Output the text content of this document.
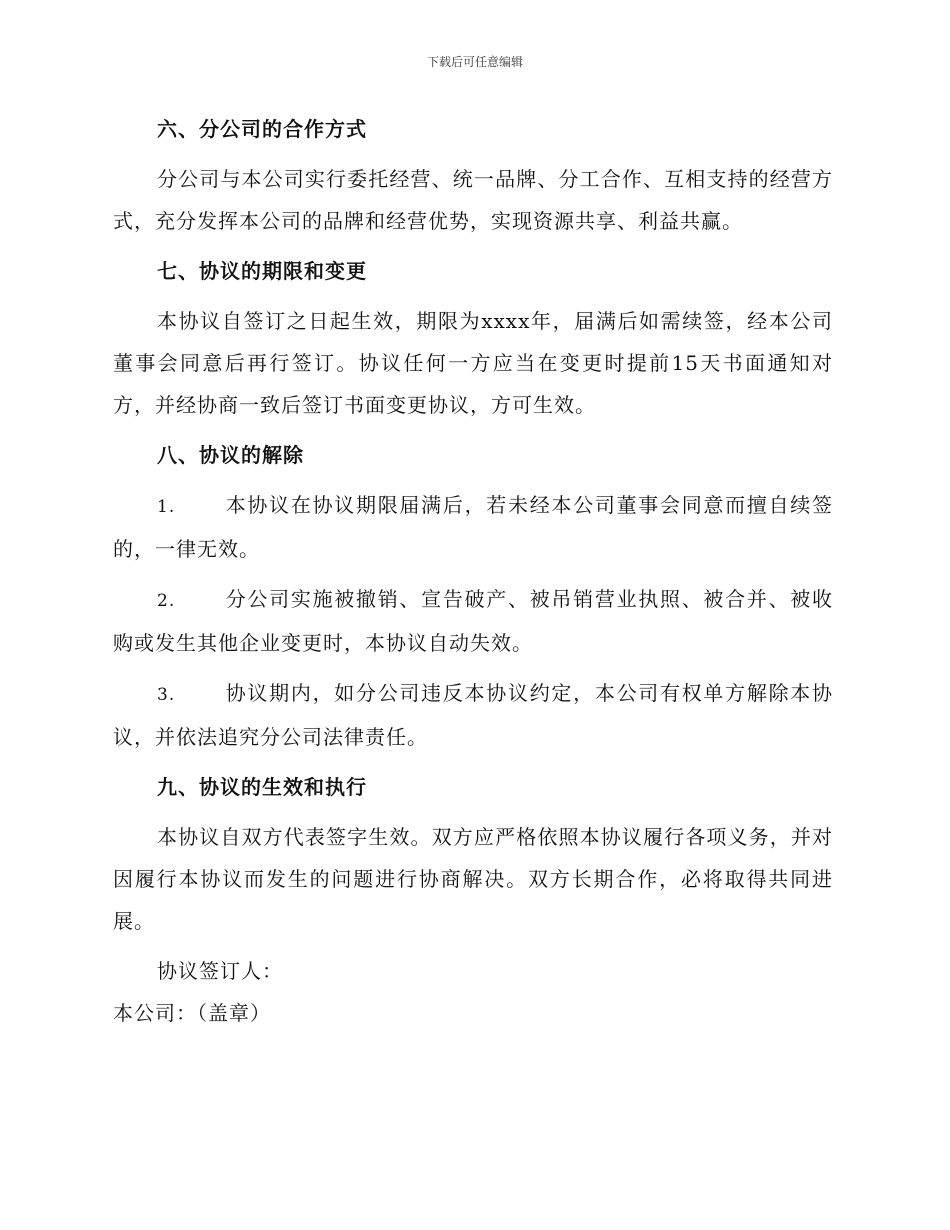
下载后可任意编辑
六、分公司的合作方式

分公司与本公司实行委托经营、统一品牌、分工合作、互相支持的经营方式，充分发挥本公司的品牌和经营优势，实现资源共享、利益共赢。

七、协议的期限和变更

本协议自签订之日起生效，期限为xxxx年，届满后如需续签，经本公司董事会同意后再行签订。协议任何一方应当在变更时提前15天书面通知对方，并经协商一致后签订书面变更协议，方可生效。

八、协议的解除

1. 本协议在协议期限届满后，若未经本公司董事会同意而擅自续签的，一律无效。

2. 分公司实施被撤销、宣告破产、被吊销营业执照、被合并、被收购或发生其他企业变更时，本协议自动失效。

3. 协议期内，如分公司违反本协议约定，本公司有权单方解除本协议，并依法追究分公司法律责任。

九、协议的生效和执行

本协议自双方代表签字生效。双方应严格依照本协议履行各项义务，并对因履行本协议而发生的问题进行协商解决。双方长期合作，必将取得共同进展。

协议签订人：

本公司：（盖章）
